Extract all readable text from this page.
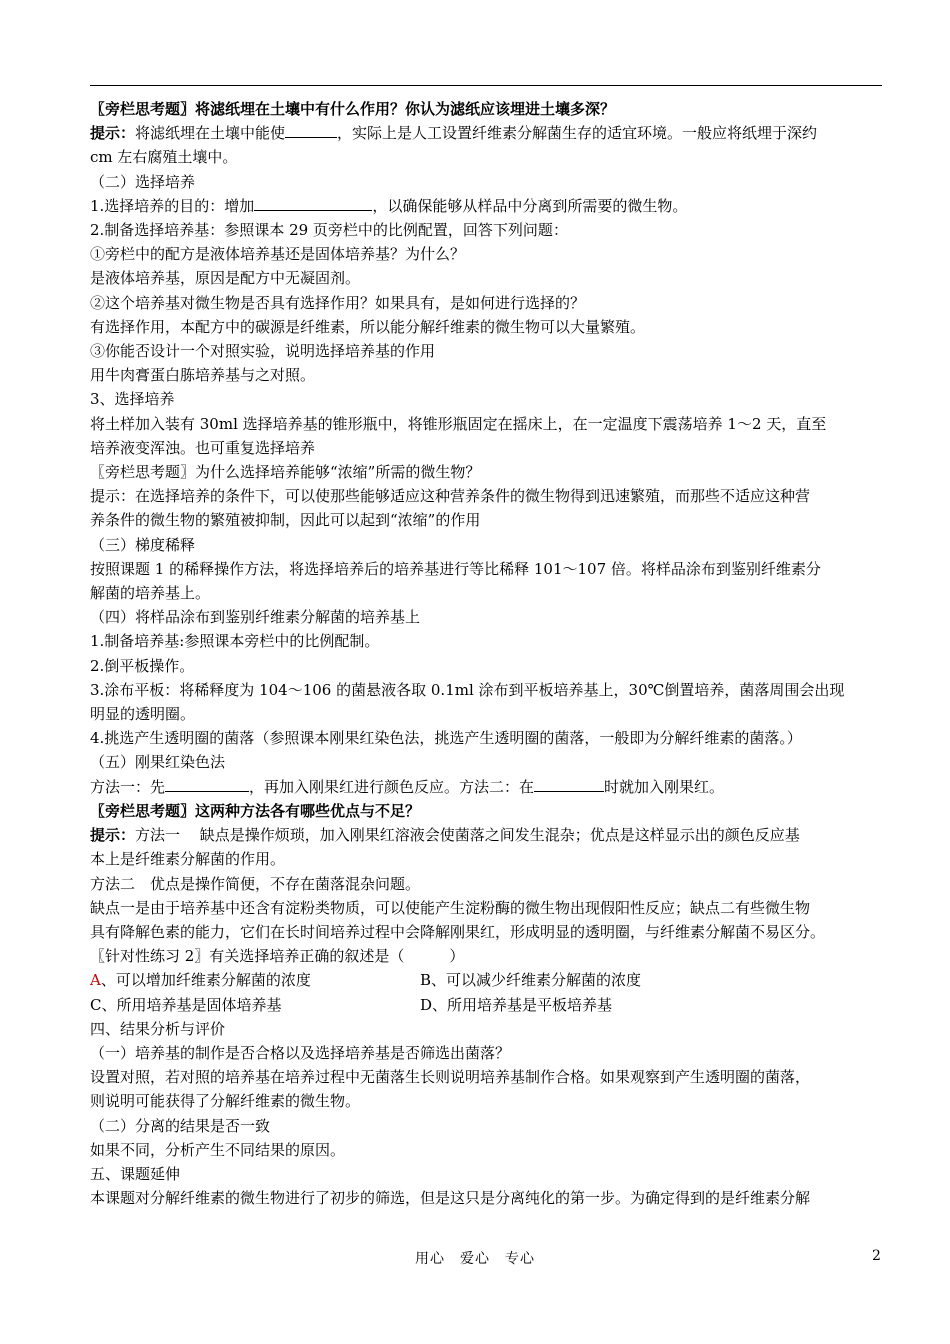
〖旁栏思考题〗将滤纸埋在土壤中有什么作用？你认为滤纸应该埋进土壤多深？

提示：将滤纸埋在土壤中能使	，实际上是人工设置纤维素分解菌生存的适宜环境。一般应将纸埋于深约

cm 左右腐殖土壤中。

（二）选择培养

1.选择培养的目的：增加	，以确保能够从样品中分离到所需要的微生物。

2.制备选择培养基：参照课本 29 页旁栏中的比例配置，回答下列问题：

①旁栏中的配方是液体培养基还是固体培养基？为什么？

是液体培养基，原因是配方中无凝固剂。

②这个培养基对微生物是否具有选择作用？如果具有，是如何进行选择的？

有选择作用，本配方中的碳源是纤维素，所以能分解纤维素的微生物可以大量繁殖。

③你能否设计一个对照实验，说明选择培养基的作用

用牛肉膏蛋白胨培养基与之对照。

3、选择培养

将土样加入装有 30ml 选择培养基的锥形瓶中，将锥形瓶固定在摇床上，在一定温度下震荡培养 1～2 天，直至

培养液变浑浊。也可重复选择培养

〖旁栏思考题〗为什么选择培养能够“浓缩”所需的微生物？

提示：在选择培养的条件下，可以使那些能够适应这种营养条件的微生物得到迅速繁殖，而那些不适应这种营

养条件的微生物的繁殖被抑制，因此可以起到“浓缩”的作用

（三）梯度稀释

按照课题 1 的稀释操作方法，将选择培养后的培养基进行等比稀释 101～107 倍。将样品涂布到鉴别纤维素分

解菌的培养基上。

（四）将样品涂布到鉴别纤维素分解菌的培养基上

1.制备培养基:参照课本旁栏中的比例配制。

2.倒平板操作。

3.涂布平板：将稀释度为 104～106 的菌悬液各取 0.1ml 涂布到平板培养基上，30℃倒置培养，菌落周围会出现

明显的透明圈。

4.挑选产生透明圈的菌落（参照课本刚果红染色法，挑选产生透明圈的菌落，一般即为分解纤维素的菌落。）

（五）刚果红染色法

方法一：先	，再加入刚果红进行颜色反应。方法二：在	时就加入刚果红。

〖旁栏思考题〗这两种方法各有哪些优点与不足？

提示：方法一　 缺点是操作烦琐，加入刚果红溶液会使菌落之间发生混杂；优点是这样显示出的颜色反应基

本上是纤维素分解菌的作用。

方法二　优点是操作简便，不存在菌落混杂问题。

缺点一是由于培养基中还含有淀粉类物质，可以使能产生淀粉酶的微生物出现假阳性反应；缺点二有些微生物

具有降解色素的能力，它们在长时间培养过程中会降解刚果红，形成明显的透明圈，与纤维素分解菌不易区分。

〖针对性练习 2〗有关选择培养正确的叙述是（　　　）

A、可以增加纤维素分解菌的浓度	B、可以减少纤维素分解菌的浓度
C、所用培养基是固体培养基	D、所用培养基是平板培养基

四、结果分析与评价

（一）培养基的制作是否合格以及选择培养基是否筛选出菌落？

设置对照，若对照的培养基在培养过程中无菌落生长则说明培养基制作合格。如果观察到产生透明圈的菌落，

则说明可能获得了分解纤维素的微生物。

（二）分离的结果是否一致

如果不同，分析产生不同结果的原因。

五、课题延伸

本课题对分解纤维素的微生物进行了初步的筛选，但是这只是分离纯化的第一步。为确定得到的是纤维素分解

用心　爱心　专心	2
